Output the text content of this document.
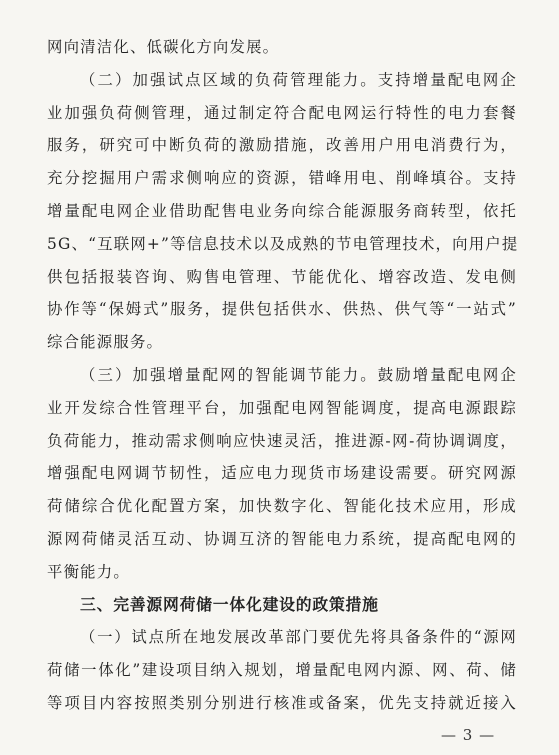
网向清洁化、低碳化方向发展。
（二）加强试点区域的负荷管理能力。支持增量配电网企
业加强负荷侧管理，通过制定符合配电网运行特性的电力套餐
服务，研究可中断负荷的激励措施，改善用户用电消费行为，
充分挖掘用户需求侧响应的资源，错峰用电、削峰填谷。支持
增量配电网企业借助配售电业务向综合能源服务商转型，依托
5G、“互联网+”等信息技术以及成熟的节电管理技术，向用户提
供包括报装咨询、购售电管理、节能优化、增容改造、发电侧
协作等“保姆式”服务，提供包括供水、供热、供气等“一站式”
综合能源服务。
（三）加强增量配网的智能调节能力。鼓励增量配电网企
业开发综合性管理平台，加强配电网智能调度，提高电源跟踪
负荷能力，推动需求侧响应快速灵活，推进源-网-荷协调调度，
增强配电网调节韧性，适应电力现货市场建设需要。研究网源
荷储综合优化配置方案，加快数字化、智能化技术应用，形成
源网荷储灵活互动、协调互济的智能电力系统，提高配电网的
平衡能力。
三、完善源网荷储一体化建设的政策措施
（一）试点所在地发展改革部门要优先将具备条件的“源网
荷储一体化”建设项目纳入规划，增量配电网内源、网、荷、储
等项目内容按照类别分别进行核准或备案，优先支持就近接入
— 3 —
